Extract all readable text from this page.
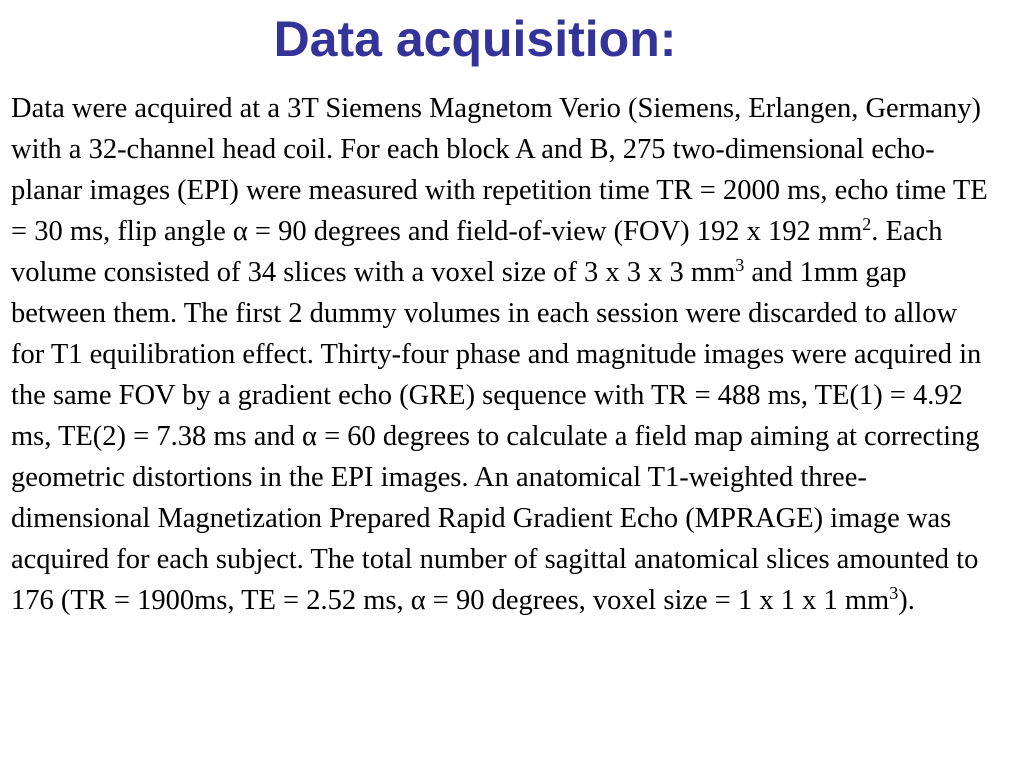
Data acquisition:

Data were acquired at a 3T Siemens Magnetom Verio (Siemens, Erlangen, Germany) with a 32-channel head coil. For each block A and B, 275 two-dimensional echo-planar images (EPI) were measured with repetition time TR = 2000 ms, echo time TE = 30 ms, flip angle α = 90 degrees and field-of-view (FOV) 192 x 192 $mm^2$. Each volume consisted of 34 slices with a voxel size of 3 x 3 x 3 $mm^3$ and 1mm gap between them. The first 2 dummy volumes in each session were discarded to allow for T1 equilibration effect. Thirty-four phase and magnitude images were acquired in the same FOV by a gradient echo (GRE) sequence with TR = 488 ms, TE(1) = 4.92 ms, TE(2) = 7.38 ms and α = 60 degrees to calculate a field map aiming at correcting geometric distortions in the EPI images. An anatomical T1-weighted three-dimensional Magnetization Prepared Rapid Gradient Echo (MPRAGE) image was acquired for each subject. The total number of sagittal anatomical slices amounted to 176 (TR = 1900ms, TE = 2.52 ms, α = 90 degrees, voxel size = 1 x 1 x 1 $mm^3$).
